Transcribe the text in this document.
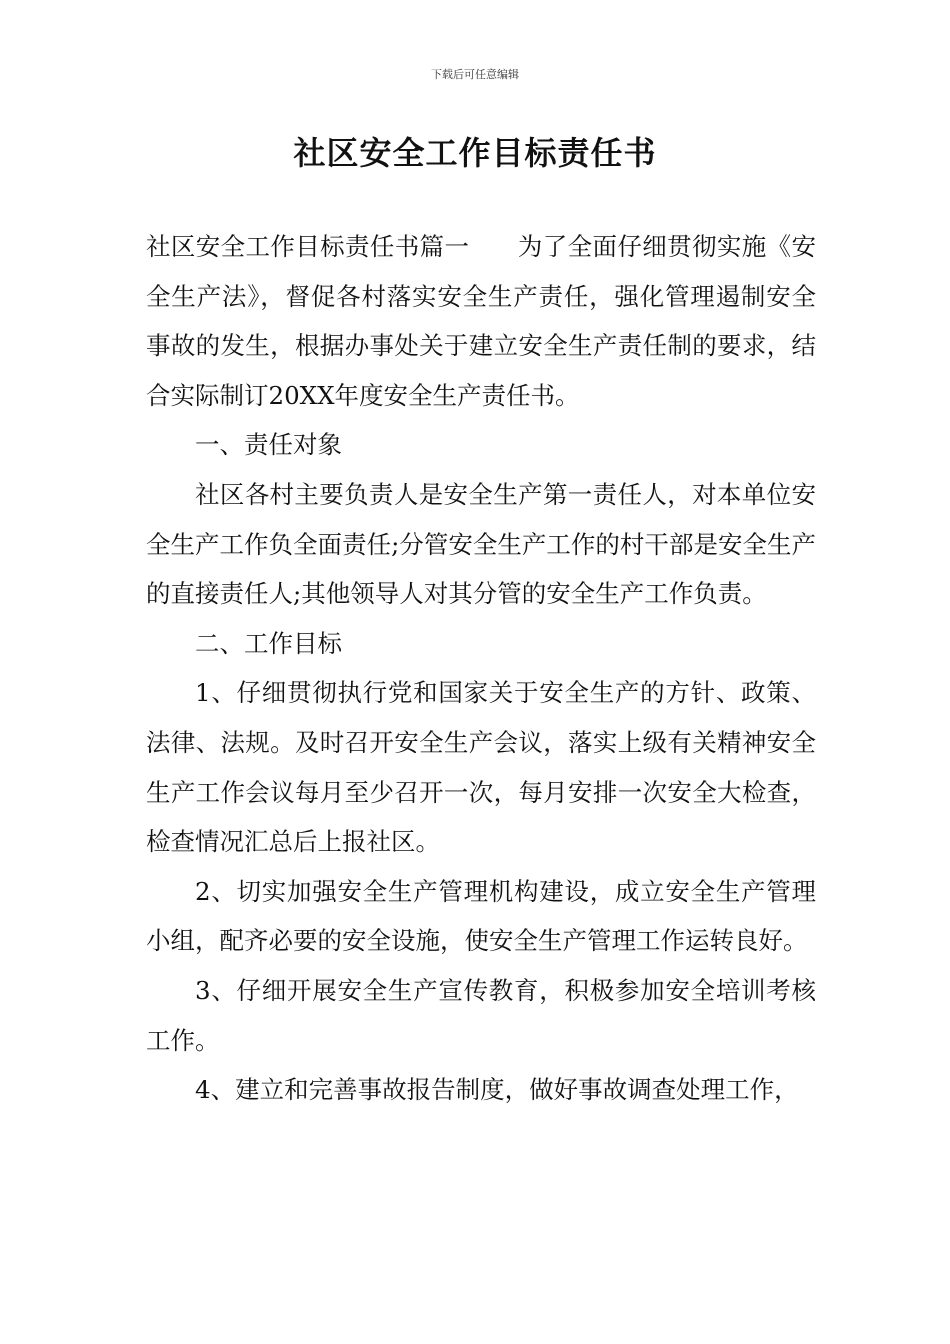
下载后可任意编辑
社区安全工作目标责任书

社区安全工作目标责任书篇一 为了全面仔细贯彻实施《安全生产法》，督促各村落实安全生产责任，强化管理遏制安全事故的发生，根据办事处关于建立安全生产责任制的要求，结合实际制订20XX年度安全生产责任书。

一、责任对象

社区各村主要负责人是安全生产第一责任人，对本单位安全生产工作负全面责任;分管安全生产工作的村干部是安全生产的直接责任人;其他领导人对其分管的安全生产工作负责。

二、工作目标

1、仔细贯彻执行党和国家关于安全生产的方针、政策、法律、法规。及时召开安全生产会议，落实上级有关精神安全生产工作会议每月至少召开一次，每月安排一次安全大检查，检查情况汇总后上报社区。

2、切实加强安全生产管理机构建设，成立安全生产管理小组，配齐必要的安全设施，使安全生产管理工作运转良好。

3、仔细开展安全生产宣传教育，积极参加安全培训考核工作。

4、建立和完善事故报告制度，做好事故调查处理工作，
